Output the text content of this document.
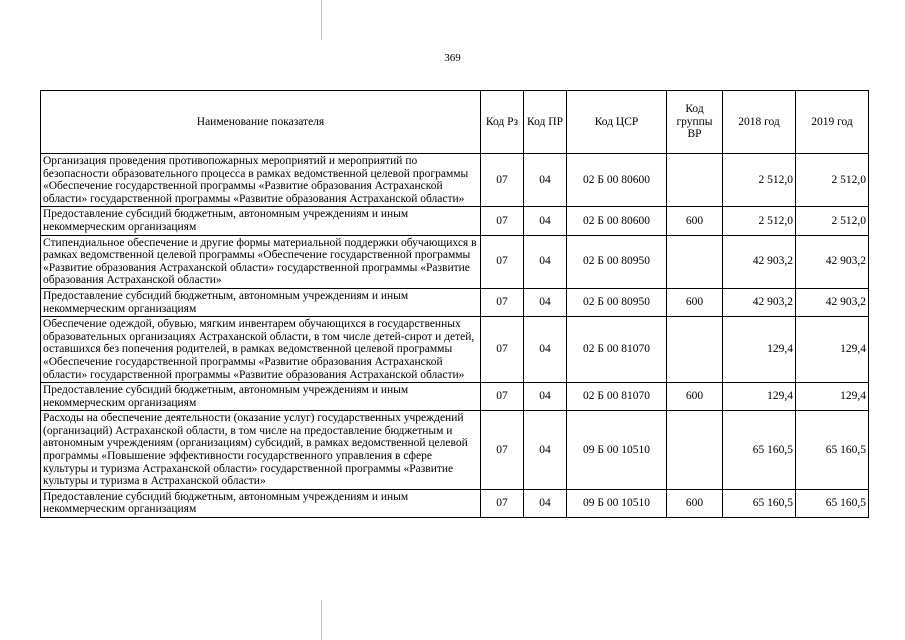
369
Наименование показателя	Код Рз	Код ПР	Код ЦСР	Код группы ВР	2018 год	2019 год
Организация проведения противопожарных мероприятий и мероприятий по безопасности образовательного процесса в рамках ведомственной целевой программы «Обеспечение государственной программы «Развитие образования Астраханской области» государственной программы «Развитие образования Астраханской области»	07	04	02 Б 00 80600		2 512,0	2 512,0
Предоставление субсидий бюджетным, автономным учреждениям и иным некоммерческим организациям	07	04	02 Б 00 80600	600	2 512,0	2 512,0
Стипендиальное обеспечение и другие формы материальной поддержки обучающихся в рамках ведомственной целевой программы «Обеспечение государственной программы «Развитие образования Астраханской области» государственной программы «Развитие образования Астраханской области»	07	04	02 Б 00 80950		42 903,2	42 903,2
Предоставление субсидий бюджетным, автономным учреждениям и иным некоммерческим организациям	07	04	02 Б 00 80950	600	42 903,2	42 903,2
Обеспечение одеждой, обувью, мягким инвентарем обучающихся в государственных образовательных организациях Астраханской области, в том числе детей-сирот и детей, оставшихся без попечения родителей, в рамках ведомственной целевой программы «Обеспечение государственной программы «Развитие образования Астраханской области» государственной программы «Развитие образования Астраханской области»	07	04	02 Б 00 81070		129,4	129,4
Предоставление субсидий бюджетным, автономным учреждениям и иным некоммерческим организациям	07	04	02 Б 00 81070	600	129,4	129,4
Расходы на обеспечение деятельности (оказание услуг) государственных учреждений (организаций) Астраханской области, в том числе на предоставление бюджетным и автономным учреждениям (организациям) субсидий, в рамках ведомственной целевой программы «Повышение эффективности государственного управления в сфере культуры и туризма Астраханской области» государственной программы «Развитие культуры и туризма в Астраханской области»	07	04	09 Б 00 10510		65 160,5	65 160,5
Предоставление субсидий бюджетным, автономным учреждениям и иным некоммерческим организациям	07	04	09 Б 00 10510	600	65 160,5	65 160,5
